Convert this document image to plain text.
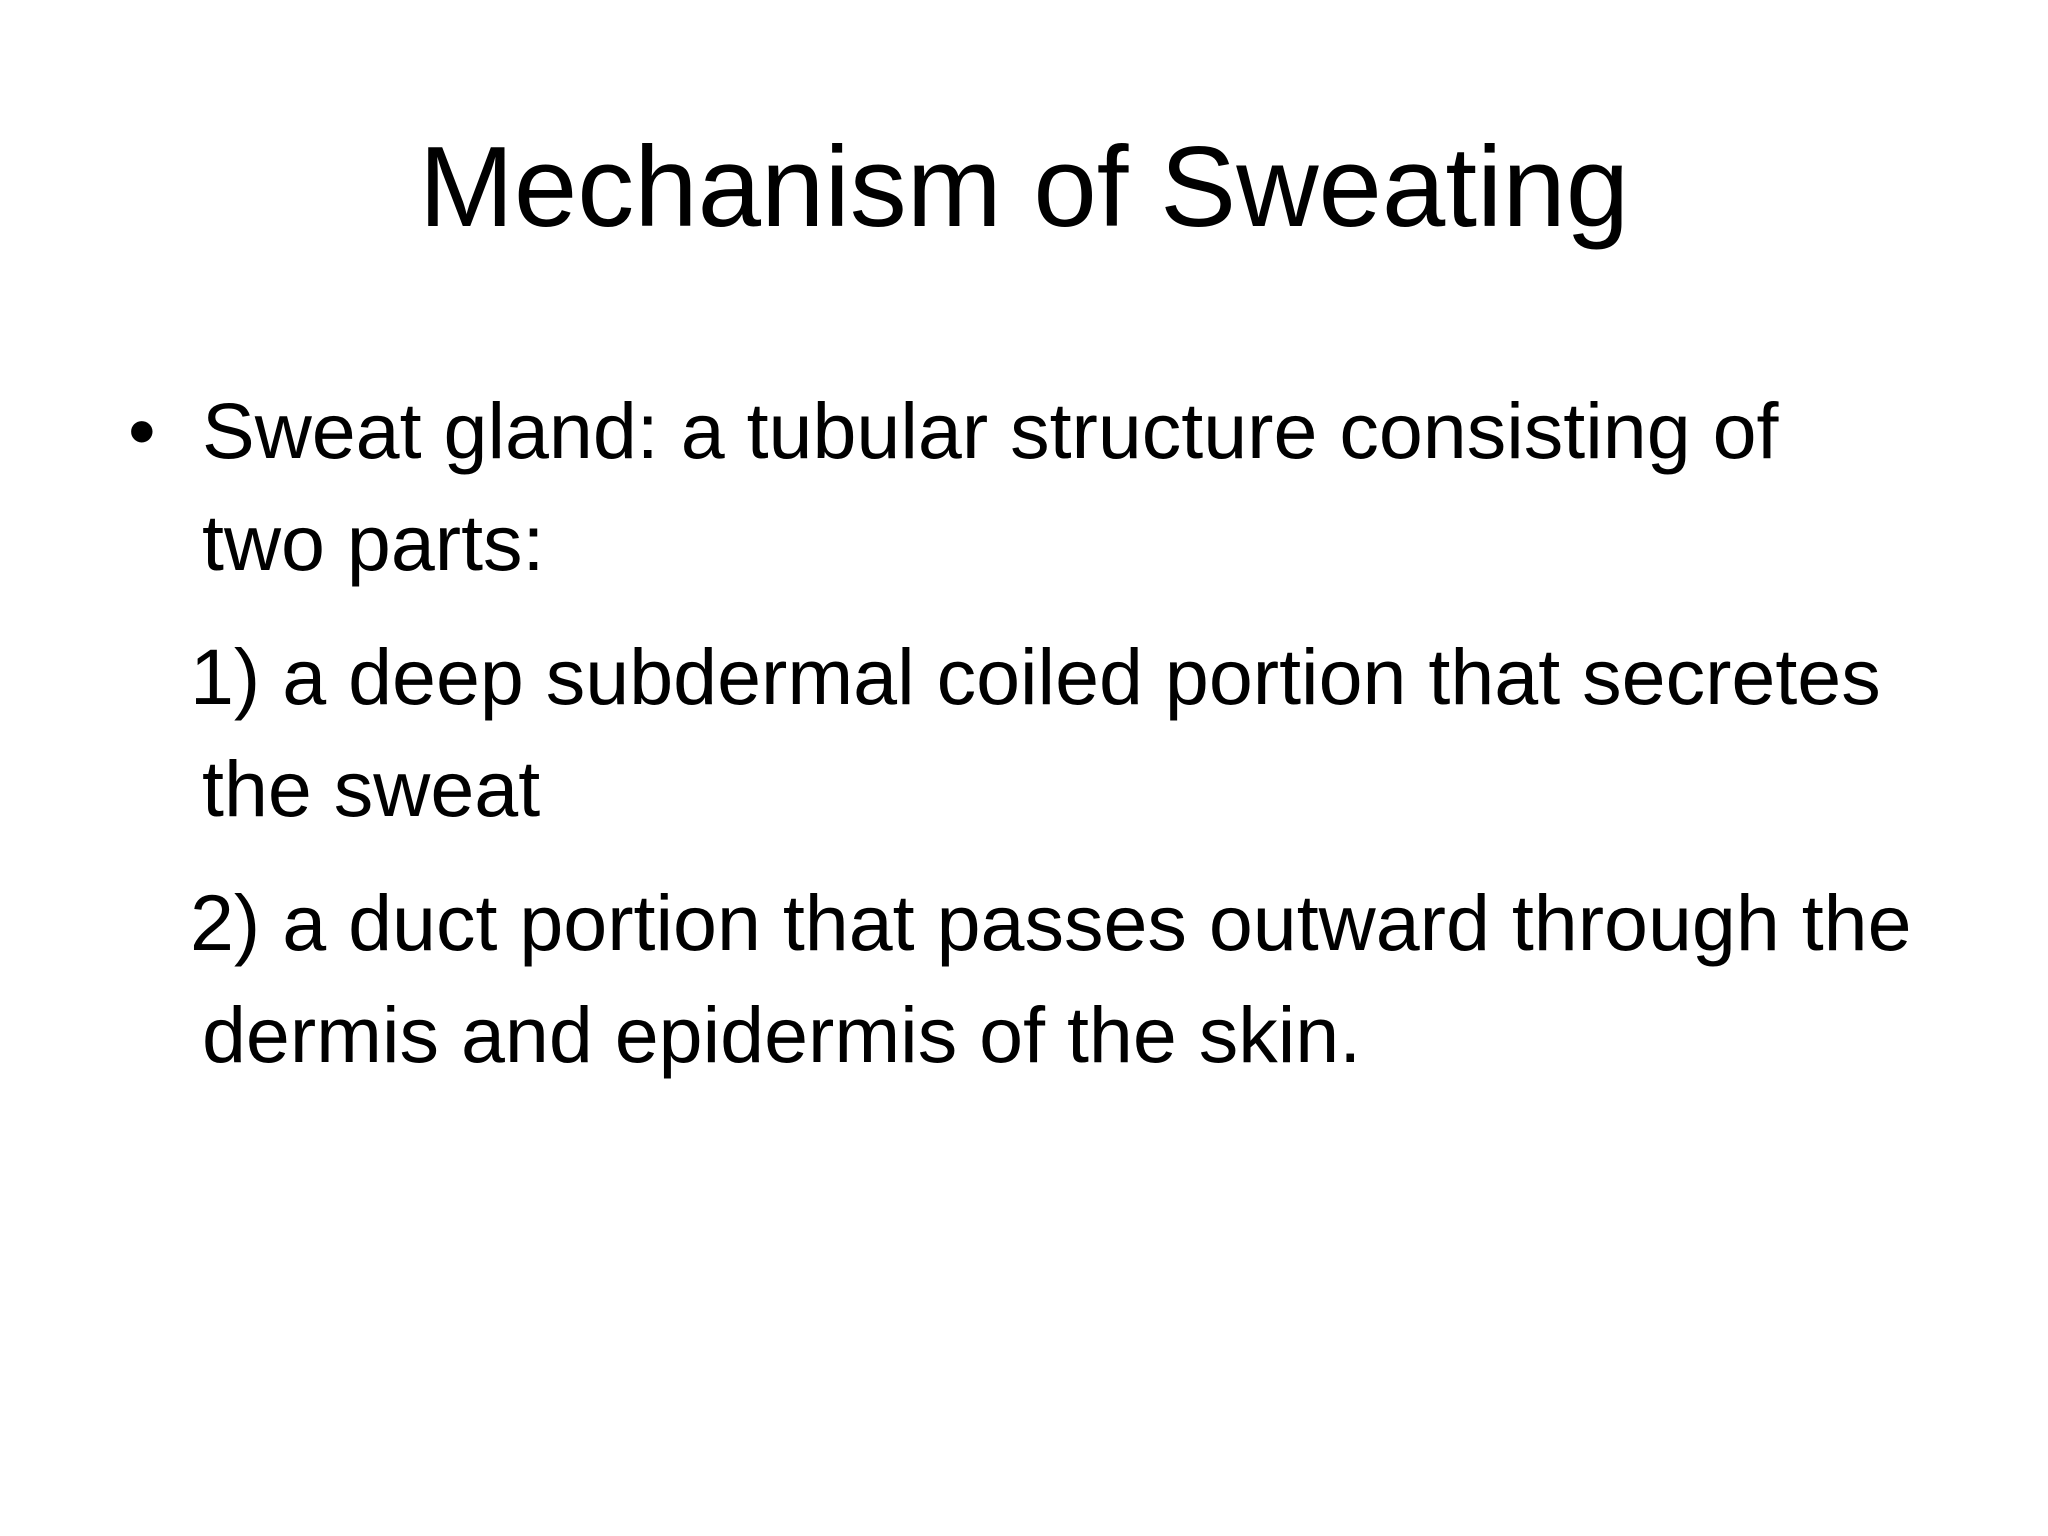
Mechanism of Sweating
• Sweat gland: a tubular structure consisting of two parts:
1) a deep subdermal coiled portion that secretes the sweat
2) a duct portion that passes outward through the dermis and epidermis of the skin.
